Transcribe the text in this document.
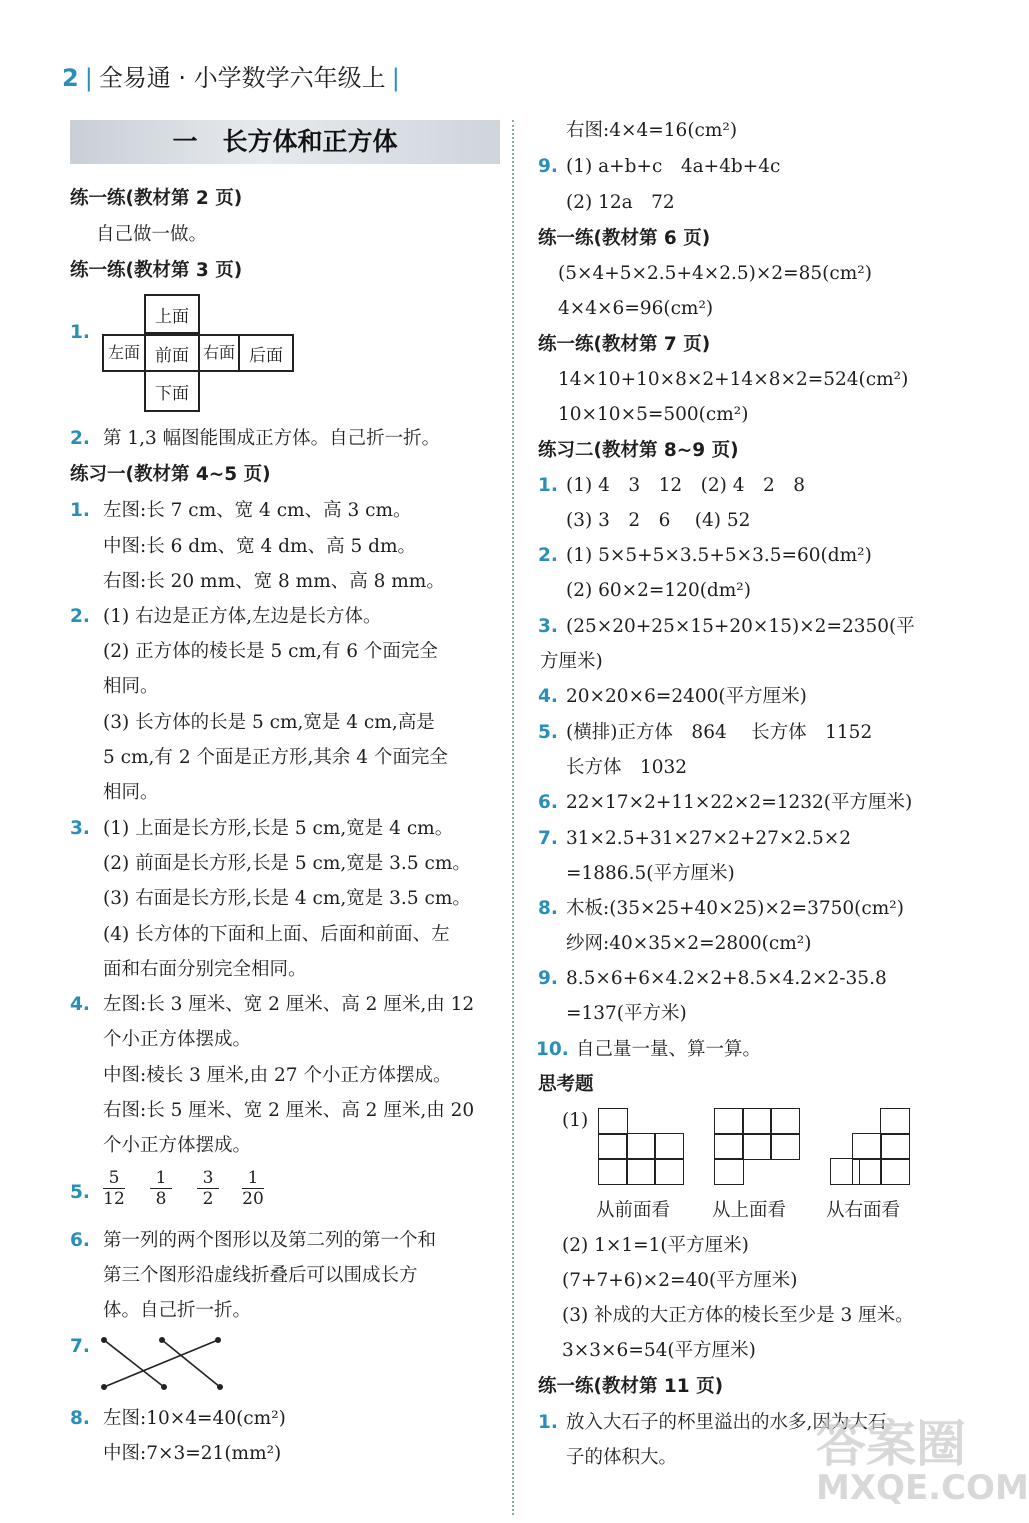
2 | 全易通 · 小学数学六年级上 |
一　长方体和正方体
练一练(教材第 2 页)
自己做一做。
练一练(教材第 3 页)
1.
上面
左面 前面 右面 后面
下面
2. 第 1,3 幅图能围成正方体。自己折一折。
练习一(教材第 4~5 页)
1. 左图:长 7 cm、宽 4 cm、高 3 cm。
中图:长 6 dm、宽 4 dm、高 5 dm。
右图:长 20 mm、宽 8 mm、高 8 mm。
2. (1) 右边是正方体,左边是长方体。
(2) 正方体的棱长是 5 cm,有 6 个面完全
相同。
(3) 长方体的长是 5 cm,宽是 4 cm,高是
5 cm,有 2 个面是正方形,其余 4 个面完全
相同。
3. (1) 上面是长方形,长是 5 cm,宽是 4 cm。
(2) 前面是长方形,长是 5 cm,宽是 3.5 cm。
(3) 右面是长方形,长是 4 cm,宽是 3.5 cm。
(4) 长方体的下面和上面、后面和前面、左
面和右面分别完全相同。
4. 左图:长 3 厘米、宽 2 厘米、高 2 厘米,由 12
个小正方体摆成。
中图:棱长 3 厘米,由 27 个小正方体摆成。
右图:长 5 厘米、宽 2 厘米、高 2 厘米,由 20
个小正方体摆成。
5.
5
12
1
8
3
2
1
20
6. 第一列的两个图形以及第二列的第一个和
第三个图形沿虚线折叠后可以围成长方
体。自己折一折。
7.
8. 左图:10×4=40(cm²)
中图:7×3=21(mm²)
右图:4×4=16(cm²)
9. (1) a+b+c　4a+4b+4c
(2) 12a　72
练一练(教材第 6 页)
(5×4+5×2.5+4×2.5)×2=85(cm²)
4×4×6=96(cm²)
练一练(教材第 7 页)
14×10+10×8×2+14×8×2=524(cm²)
10×10×5=500(cm²)
练习二(教材第 8~9 页)
1. (1) 4　3　12　(2) 4　2　8
(3) 3　2　6　 (4) 52
2. (1) 5×5+5×3.5+5×3.5=60(dm²)
(2) 60×2=120(dm²)
3. (25×20+25×15+20×15)×2=2350(平
方厘米)
4. 20×20×6=2400(平方厘米)
5. (横排)正方体　864　 长方体　1152
长方体　1032
6. 22×17×2+11×22×2=1232(平方厘米)
7. 31×2.5+31×27×2+27×2.5×2
=1886.5(平方厘米)
8. 木板:(35×25+40×25)×2=3750(cm²)
纱网:40×35×2=2800(cm²)
9. 8.5×6+6×4.2×2+8.5×4.2×2-35.8
=137(平方米)
10. 自己量一量、算一算。
思考题
(1)
从前面看 从上面看 从右面看
(2) 1×1=1(平方厘米)
(7+7+6)×2=40(平方厘米)
(3) 补成的大正方体的棱长至少是 3 厘米。
3×3×6=54(平方厘米)
练一练(教材第 11 页)
1. 放入大石子的杯里溢出的水多,因为大石
子的体积大。	答案圈
MXQE.COM
